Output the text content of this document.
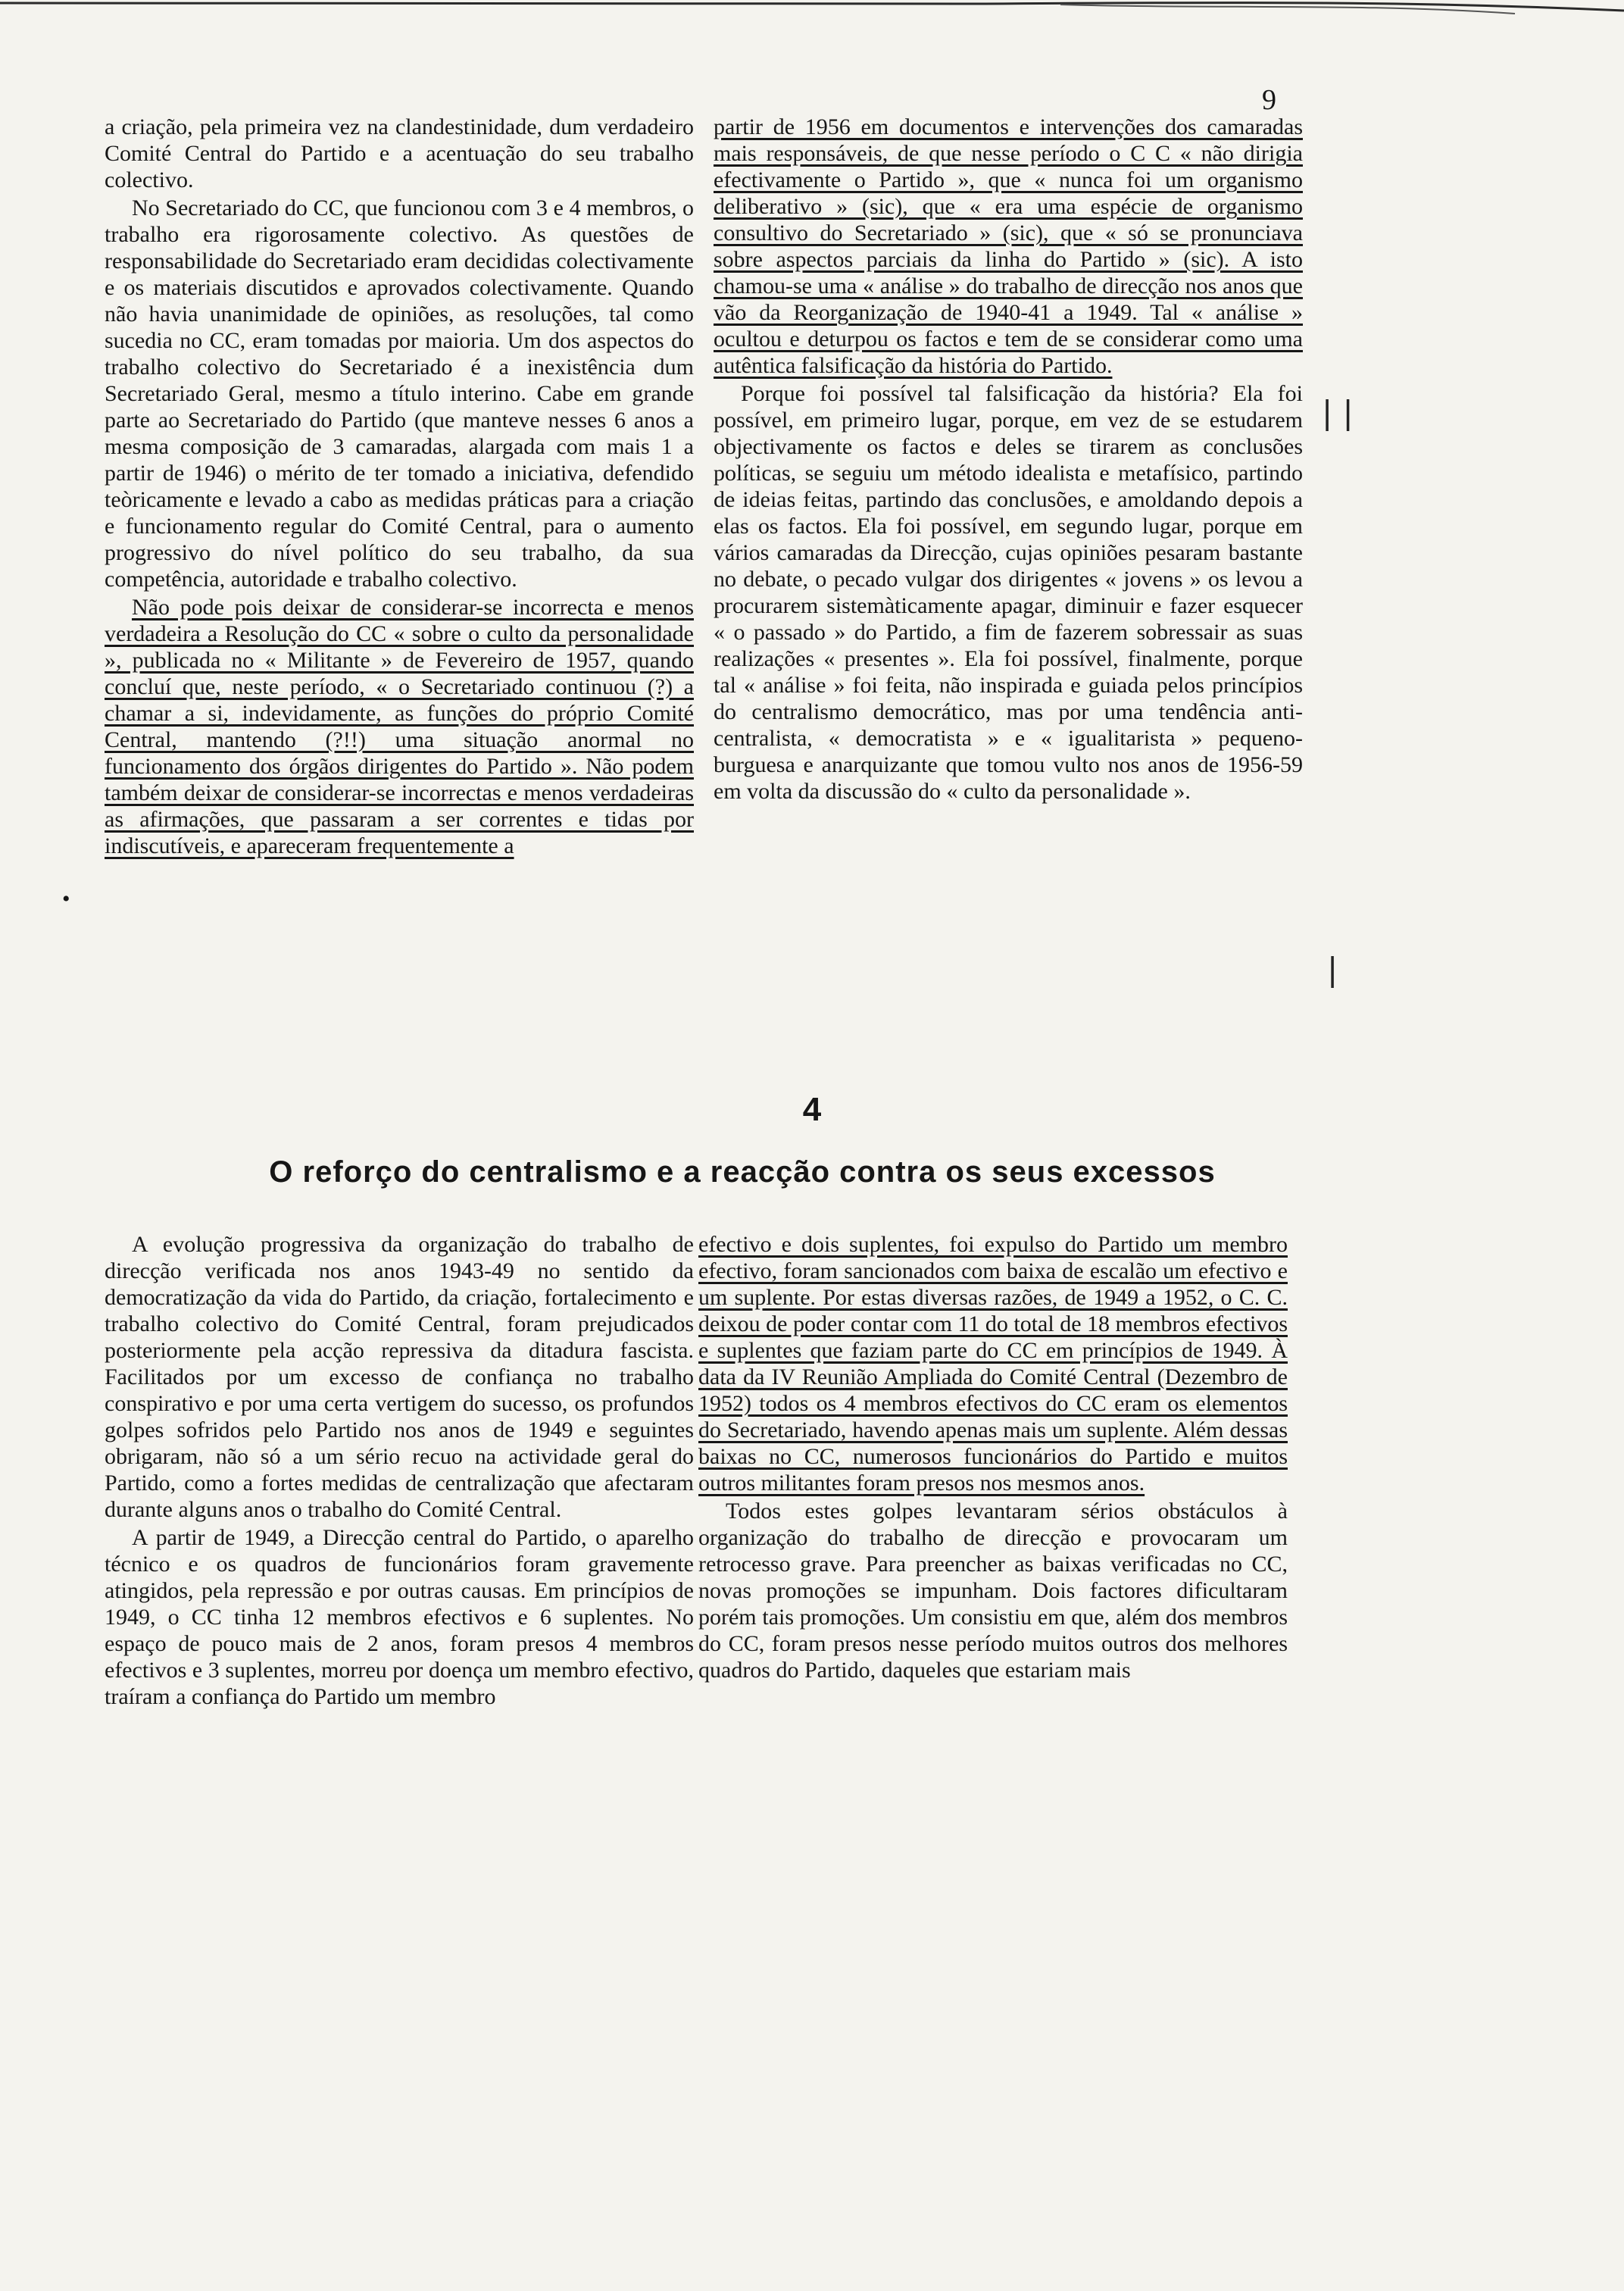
9

a criação, pela primeira vez na clandestinidade, dum verdadeiro Comité Central do Partido e a acentuação do seu trabalho colectivo.

No Secretariado do CC, que funcionou com 3 e 4 membros, o trabalho era rigorosamente colectivo. As questões de responsabilidade do Secretariado eram decididas colectivamente e os materiais discutidos e aprovados colectivamente. Quando não havia unanimidade de opiniões, as resoluções, tal como sucedia no CC, eram tomadas por maioria. Um dos aspectos do trabalho colectivo do Secretariado é a inexistência dum Secretariado Geral, mesmo a título interino. Cabe em grande parte ao Secretariado do Partido (que manteve nesses 6 anos a mesma composição de 3 camaradas, alargada com mais 1 a partir de 1946) o mérito de ter tomado a iniciativa, defendido teòricamente e levado a cabo as medidas práticas para a criação e funcionamento regular do Comité Central, para o aumento progressivo do nível político do seu trabalho, da sua competência, autoridade e trabalho colectivo.

Não pode pois deixar de considerar-se incorrecta e menos verdadeira a Resolução do CC « sobre o culto da personalidade », publicada no « Militante » de Fevereiro de 1957, quando concluí que, neste período, « o Secretariado continuou (?) a chamar a si, indevidamente, as funções do próprio Comité Central, mantendo (?!!) uma situação anormal no funcionamento dos órgãos dirigentes do Partido ». Não podem também deixar de considerar-se incorrectas e menos verdadeiras as afirmações, que passaram a ser correntes e tidas por indiscutíveis, e apareceram frequentemente a

partir de 1956 em documentos e intervenções dos camaradas mais responsáveis, de que nesse período o C C « não dirigia efectivamente o Partido », que « nunca foi um organismo deliberativo » (sic), que « era uma espécie de organismo consultivo do Secretariado » (sic), que « só se pronunciava sobre aspectos parciais da linha do Partido » (sic). A isto chamou-se uma « análise » do trabalho de direcção nos anos que vão da Reorganização de 1940-41 a 1949. Tal « análise » ocultou e deturpou os factos e tem de se considerar como uma autêntica falsificação da história do Partido.

Porque foi possível tal falsificação da história? Ela foi possível, em primeiro lugar, porque, em vez de se estudarem objectivamente os factos e deles se tirarem as conclusões políticas, se seguiu um método idealista e metafísico, partindo de ideias feitas, partindo das conclusões, e amoldando depois a elas os factos. Ela foi possível, em segundo lugar, porque em vários camaradas da Direcção, cujas opiniões pesaram bastante no debate, o pecado vulgar dos dirigentes « jovens » os levou a procurarem sistemàticamente apagar, diminuir e fazer esquecer « o passado » do Partido, a fim de fazerem sobressair as suas realizações « presentes ». Ela foi possível, finalmente, porque tal « análise » foi feita, não inspirada e guiada pelos princípios do centralismo democrático, mas por uma tendência anti-centralista, « democratista » e « igualitarista » pequeno-burguesa e anarquizante que tomou vulto nos anos de 1956-59 em volta da discussão do « culto da personalidade ».

| |
|
•
4
O reforço do centralismo e a reacção contra os seus excessos

A evolução progressiva da organização do trabalho de direcção verificada nos anos 1943-49 no sentido da democratização da vida do Partido, da criação, fortalecimento e trabalho colectivo do Comité Central, foram prejudicados posteriormente pela acção repressiva da ditadura fascista. Facilitados por um excesso de confiança no trabalho conspirativo e por uma certa vertigem do sucesso, os profundos golpes sofridos pelo Partido nos anos de 1949 e seguintes obrigaram, não só a um sério recuo na actividade geral do Partido, como a fortes medidas de centralização que afectaram durante alguns anos o trabalho do Comité Central.

A partir de 1949, a Direcção central do Partido, o aparelho técnico e os quadros de funcionários foram gravemente atingidos, pela repressão e por outras causas. Em princípios de 1949, o CC tinha 12 membros efectivos e 6 suplentes. No espaço de pouco mais de 2 anos, foram presos 4 membros efectivos e 3 suplentes, morreu por doença um membro efectivo, traíram a confiança do Partido um membro

efectivo e dois suplentes, foi expulso do Partido um membro efectivo, foram sancionados com baixa de escalão um efectivo e um suplente. Por estas diversas razões, de 1949 a 1952, o C. C. deixou de poder contar com 11 do total de 18 membros efectivos e suplentes que faziam parte do CC em princípios de 1949. À data da IV Reunião Ampliada do Comité Central (Dezembro de 1952) todos os 4 membros efectivos do CC eram os elementos do Secretariado, havendo apenas mais um suplente. Além dessas baixas no CC, numerosos funcionários do Partido e muitos outros militantes foram presos nos mesmos anos.

Todos estes golpes levantaram sérios obstáculos à organização do trabalho de direcção e provocaram um retrocesso grave. Para preencher as baixas verificadas no CC, novas promoções se impunham. Dois factores dificultaram porém tais promoções. Um consistiu em que, além dos membros do CC, foram presos nesse período muitos outros dos melhores quadros do Partido, daqueles que estariam mais
